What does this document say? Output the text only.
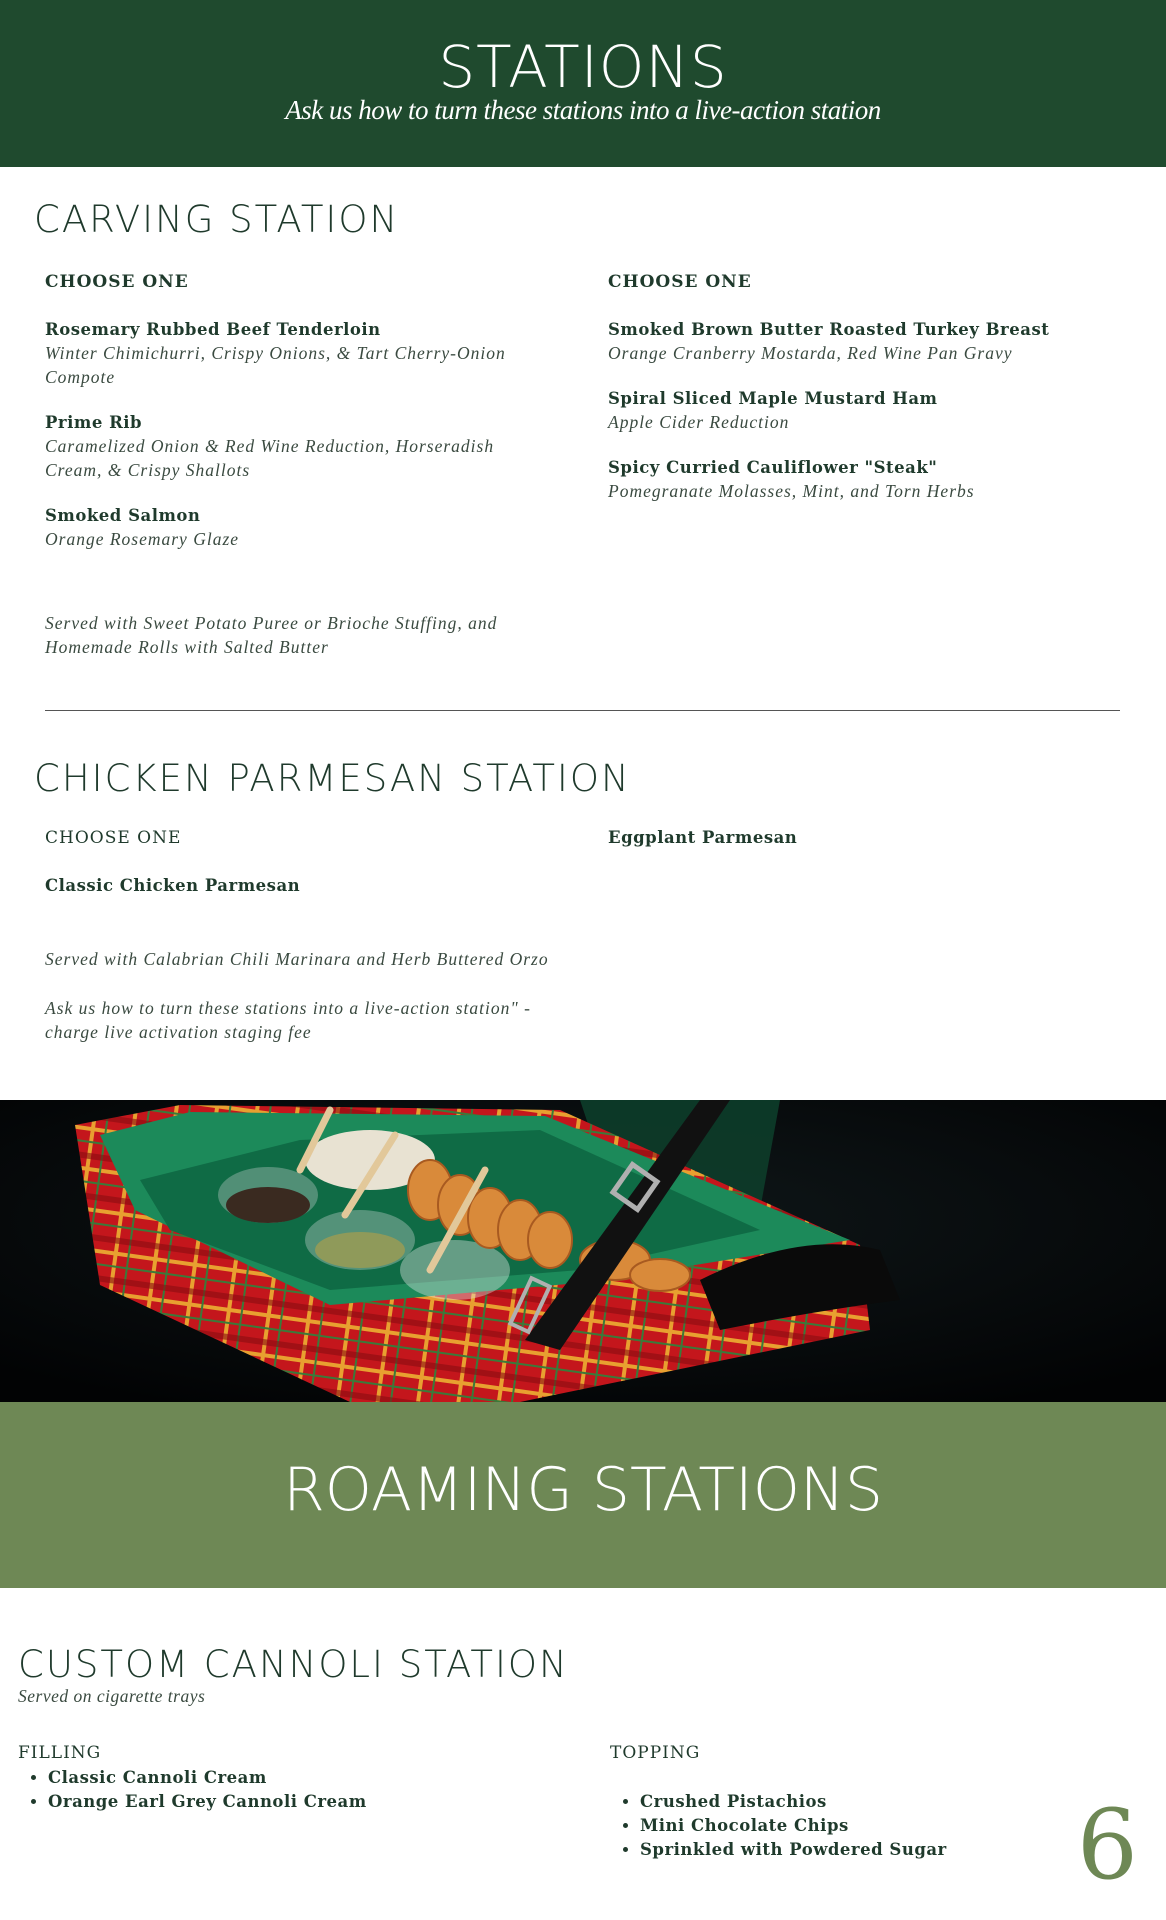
STATIONS
Ask us how to turn these stations into a live-action station
CARVING STATION
CHOOSE ONE
Rosemary Rubbed Beef Tenderloin
Winter Chimichurri, Crispy Onions, & Tart Cherry-Onion Compote
Prime Rib
Caramelized Onion & Red Wine Reduction, Horseradish Cream, & Crispy Shallots
Smoked Salmon
Orange Rosemary Glaze
CHOOSE ONE
Smoked Brown Butter Roasted Turkey Breast
Orange Cranberry Mostarda, Red Wine Pan Gravy
Spiral Sliced Maple Mustard Ham
Apple Cider Reduction
Spicy Curried Cauliflower "Steak"
Pomegranate Molasses, Mint, and Torn Herbs
Served with Sweet Potato Puree or Brioche Stuffing, and Homemade Rolls with Salted Butter
CHICKEN PARMESAN STATION
CHOOSE ONE
Classic Chicken Parmesan
Eggplant Parmesan
Served with Calabrian Chili Marinara and Herb Buttered Orzo
Ask us how to turn these stations into a live-action station" - charge live activation staging fee
ROAMING STATIONS
CUSTOM CANNOLI STATION
Served on cigarette trays
FILLING
• Classic Cannoli Cream
• Orange Earl Grey Cannoli Cream
TOPPING
• Crushed Pistachios
• Mini Chocolate Chips
• Sprinkled with Powdered Sugar	6
